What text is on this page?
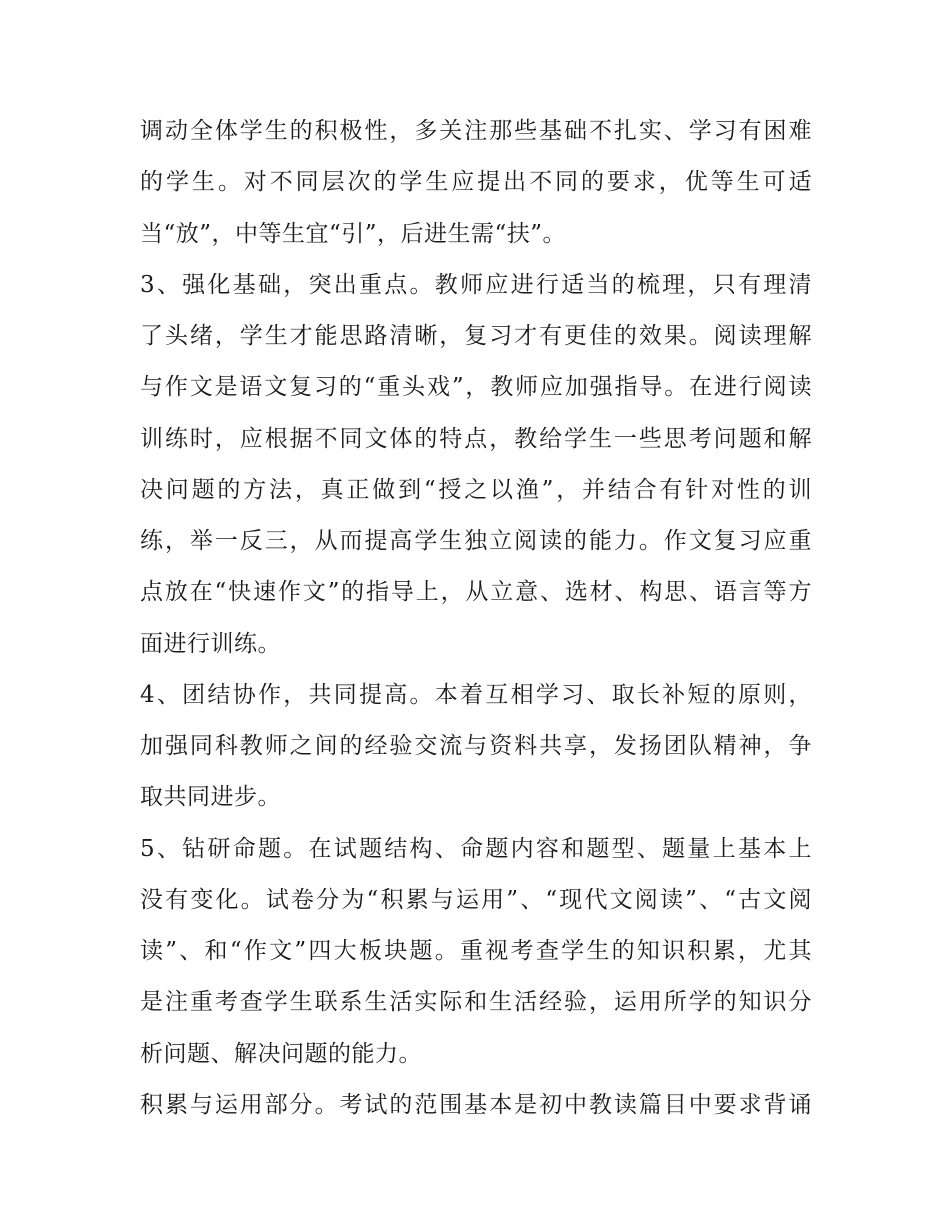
调动全体学生的积极性，多关注那些基础不扎实、学习有困难
的学生。对不同层次的学生应提出不同的要求，优等生可适
当“放”，中等生宜“引”，后进生需“扶”。
3、强化基础，突出重点。教师应进行适当的梳理，只有理清
了头绪，学生才能思路清晰，复习才有更佳的效果。阅读理解
与作文是语文复习的“重头戏”，教师应加强指导。在进行阅读
训练时，应根据不同文体的特点，教给学生一些思考问题和解
决问题的方法，真正做到“授之以渔”，并结合有针对性的训
练，举一反三，从而提高学生独立阅读的能力。作文复习应重
点放在“快速作文”的指导上，从立意、选材、构思、语言等方
面进行训练。
4、团结协作，共同提高。本着互相学习、取长补短的原则，
加强同科教师之间的经验交流与资料共享，发扬团队精神，争
取共同进步。
5、钻研命题。在试题结构、命题内容和题型、题量上基本上
没有变化。试卷分为“积累与运用”、“现代文阅读”、“古文阅
读”、和“作文”四大板块题。重视考查学生的知识积累，尤其
是注重考查学生联系生活实际和生活经验，运用所学的知识分
析问题、解决问题的能力。
积累与运用部分。考试的范围基本是初中教读篇目中要求背诵
